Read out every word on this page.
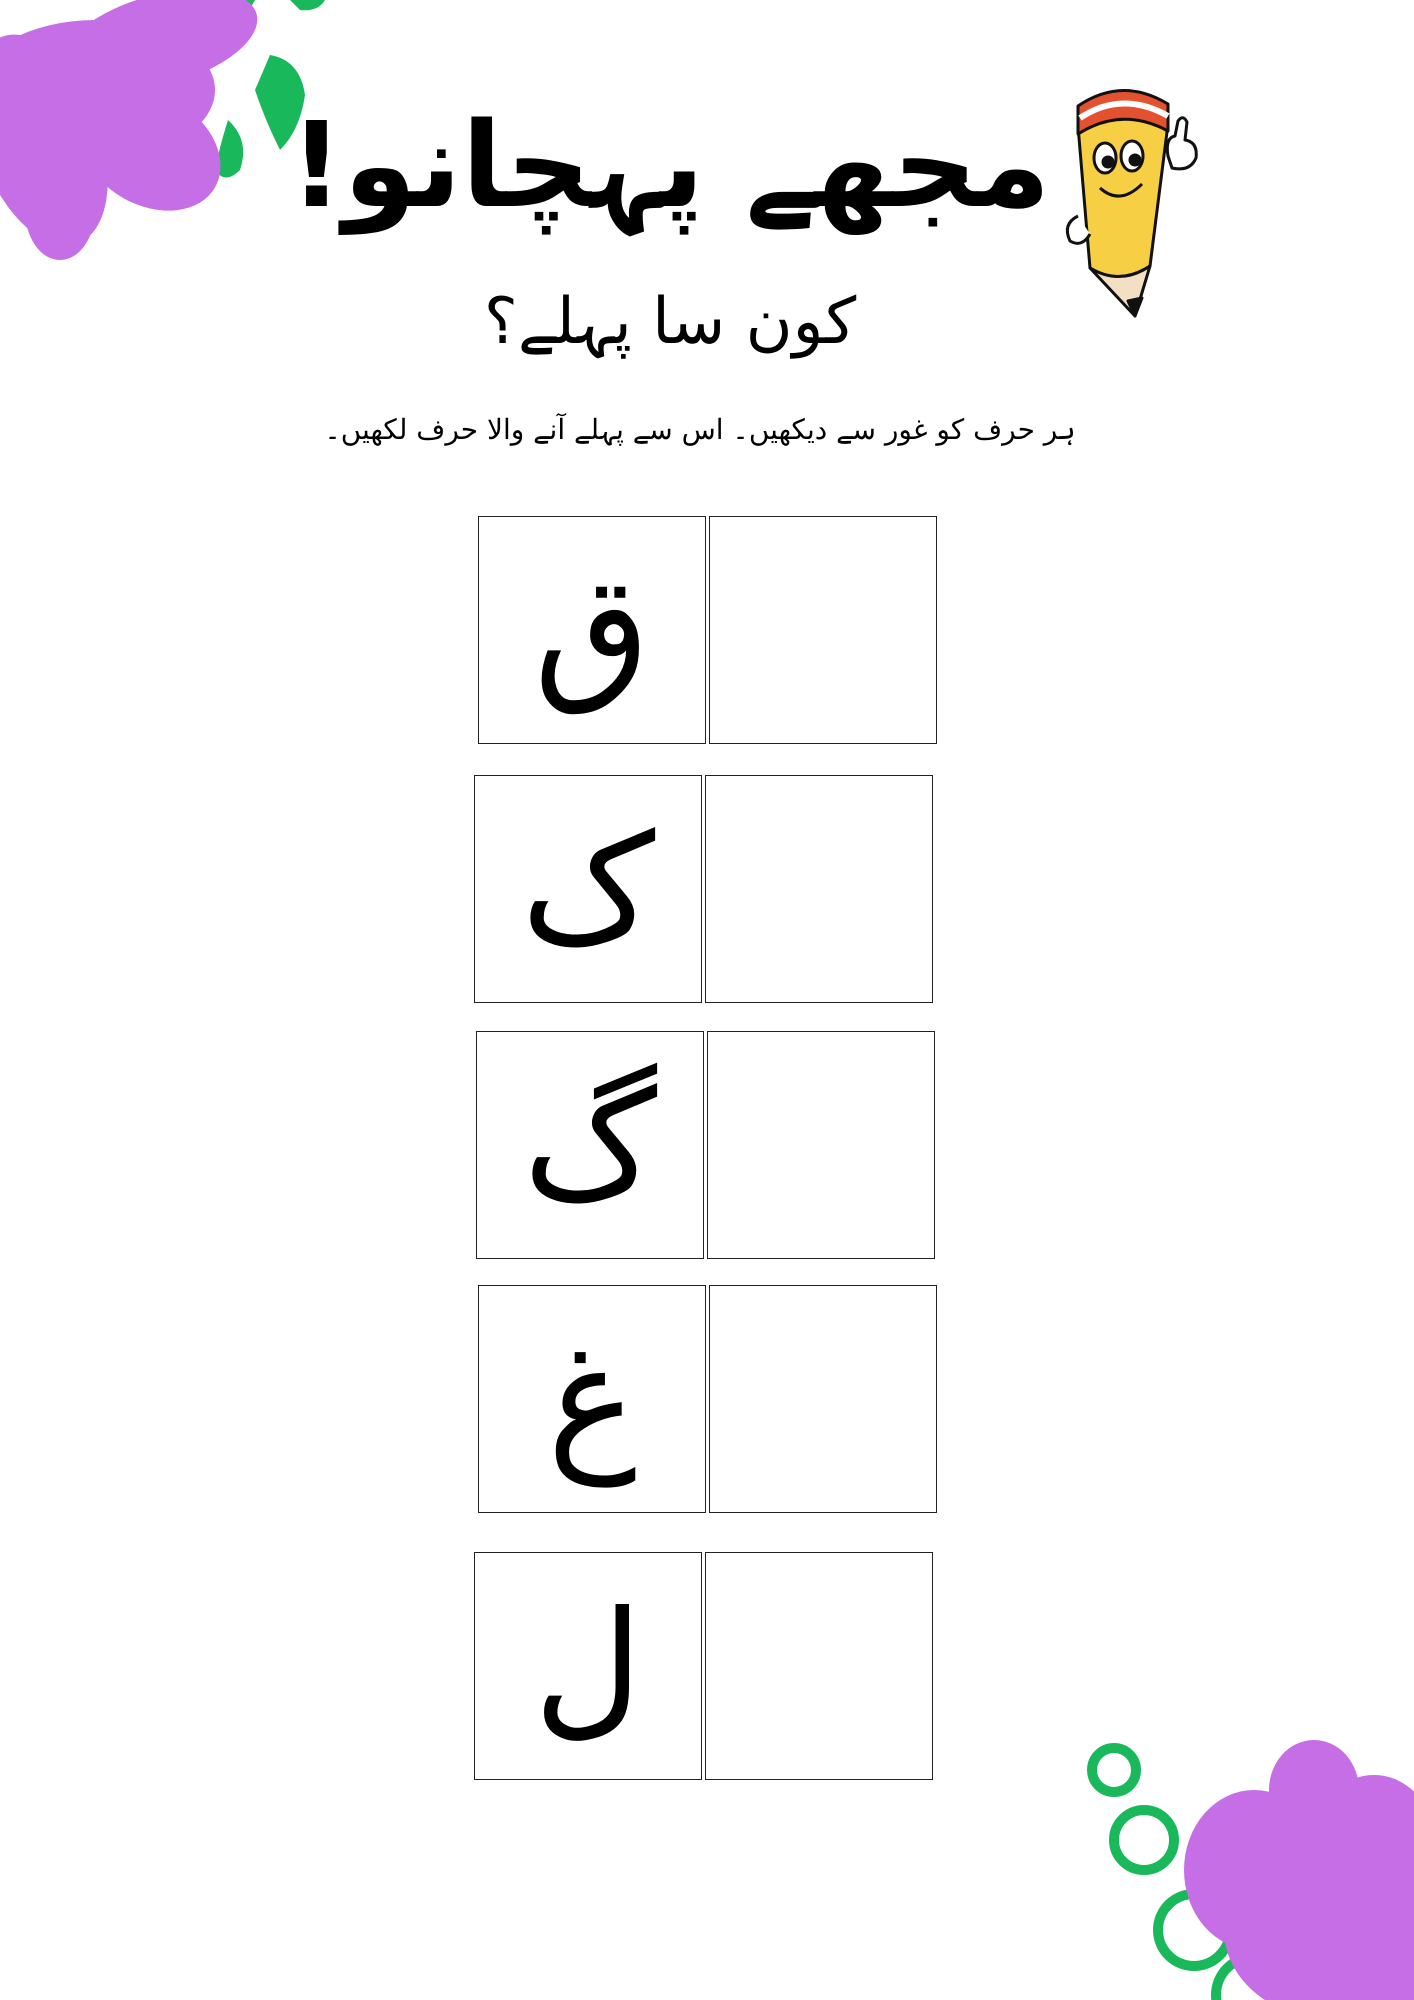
مجھے پہچانو!
کون سا پہلے؟
ہر حرف کو غور سے دیکھیں۔ اس سے پہلے آنے والا حرف لکھیں۔
ق
ک
گ
غ
ل
